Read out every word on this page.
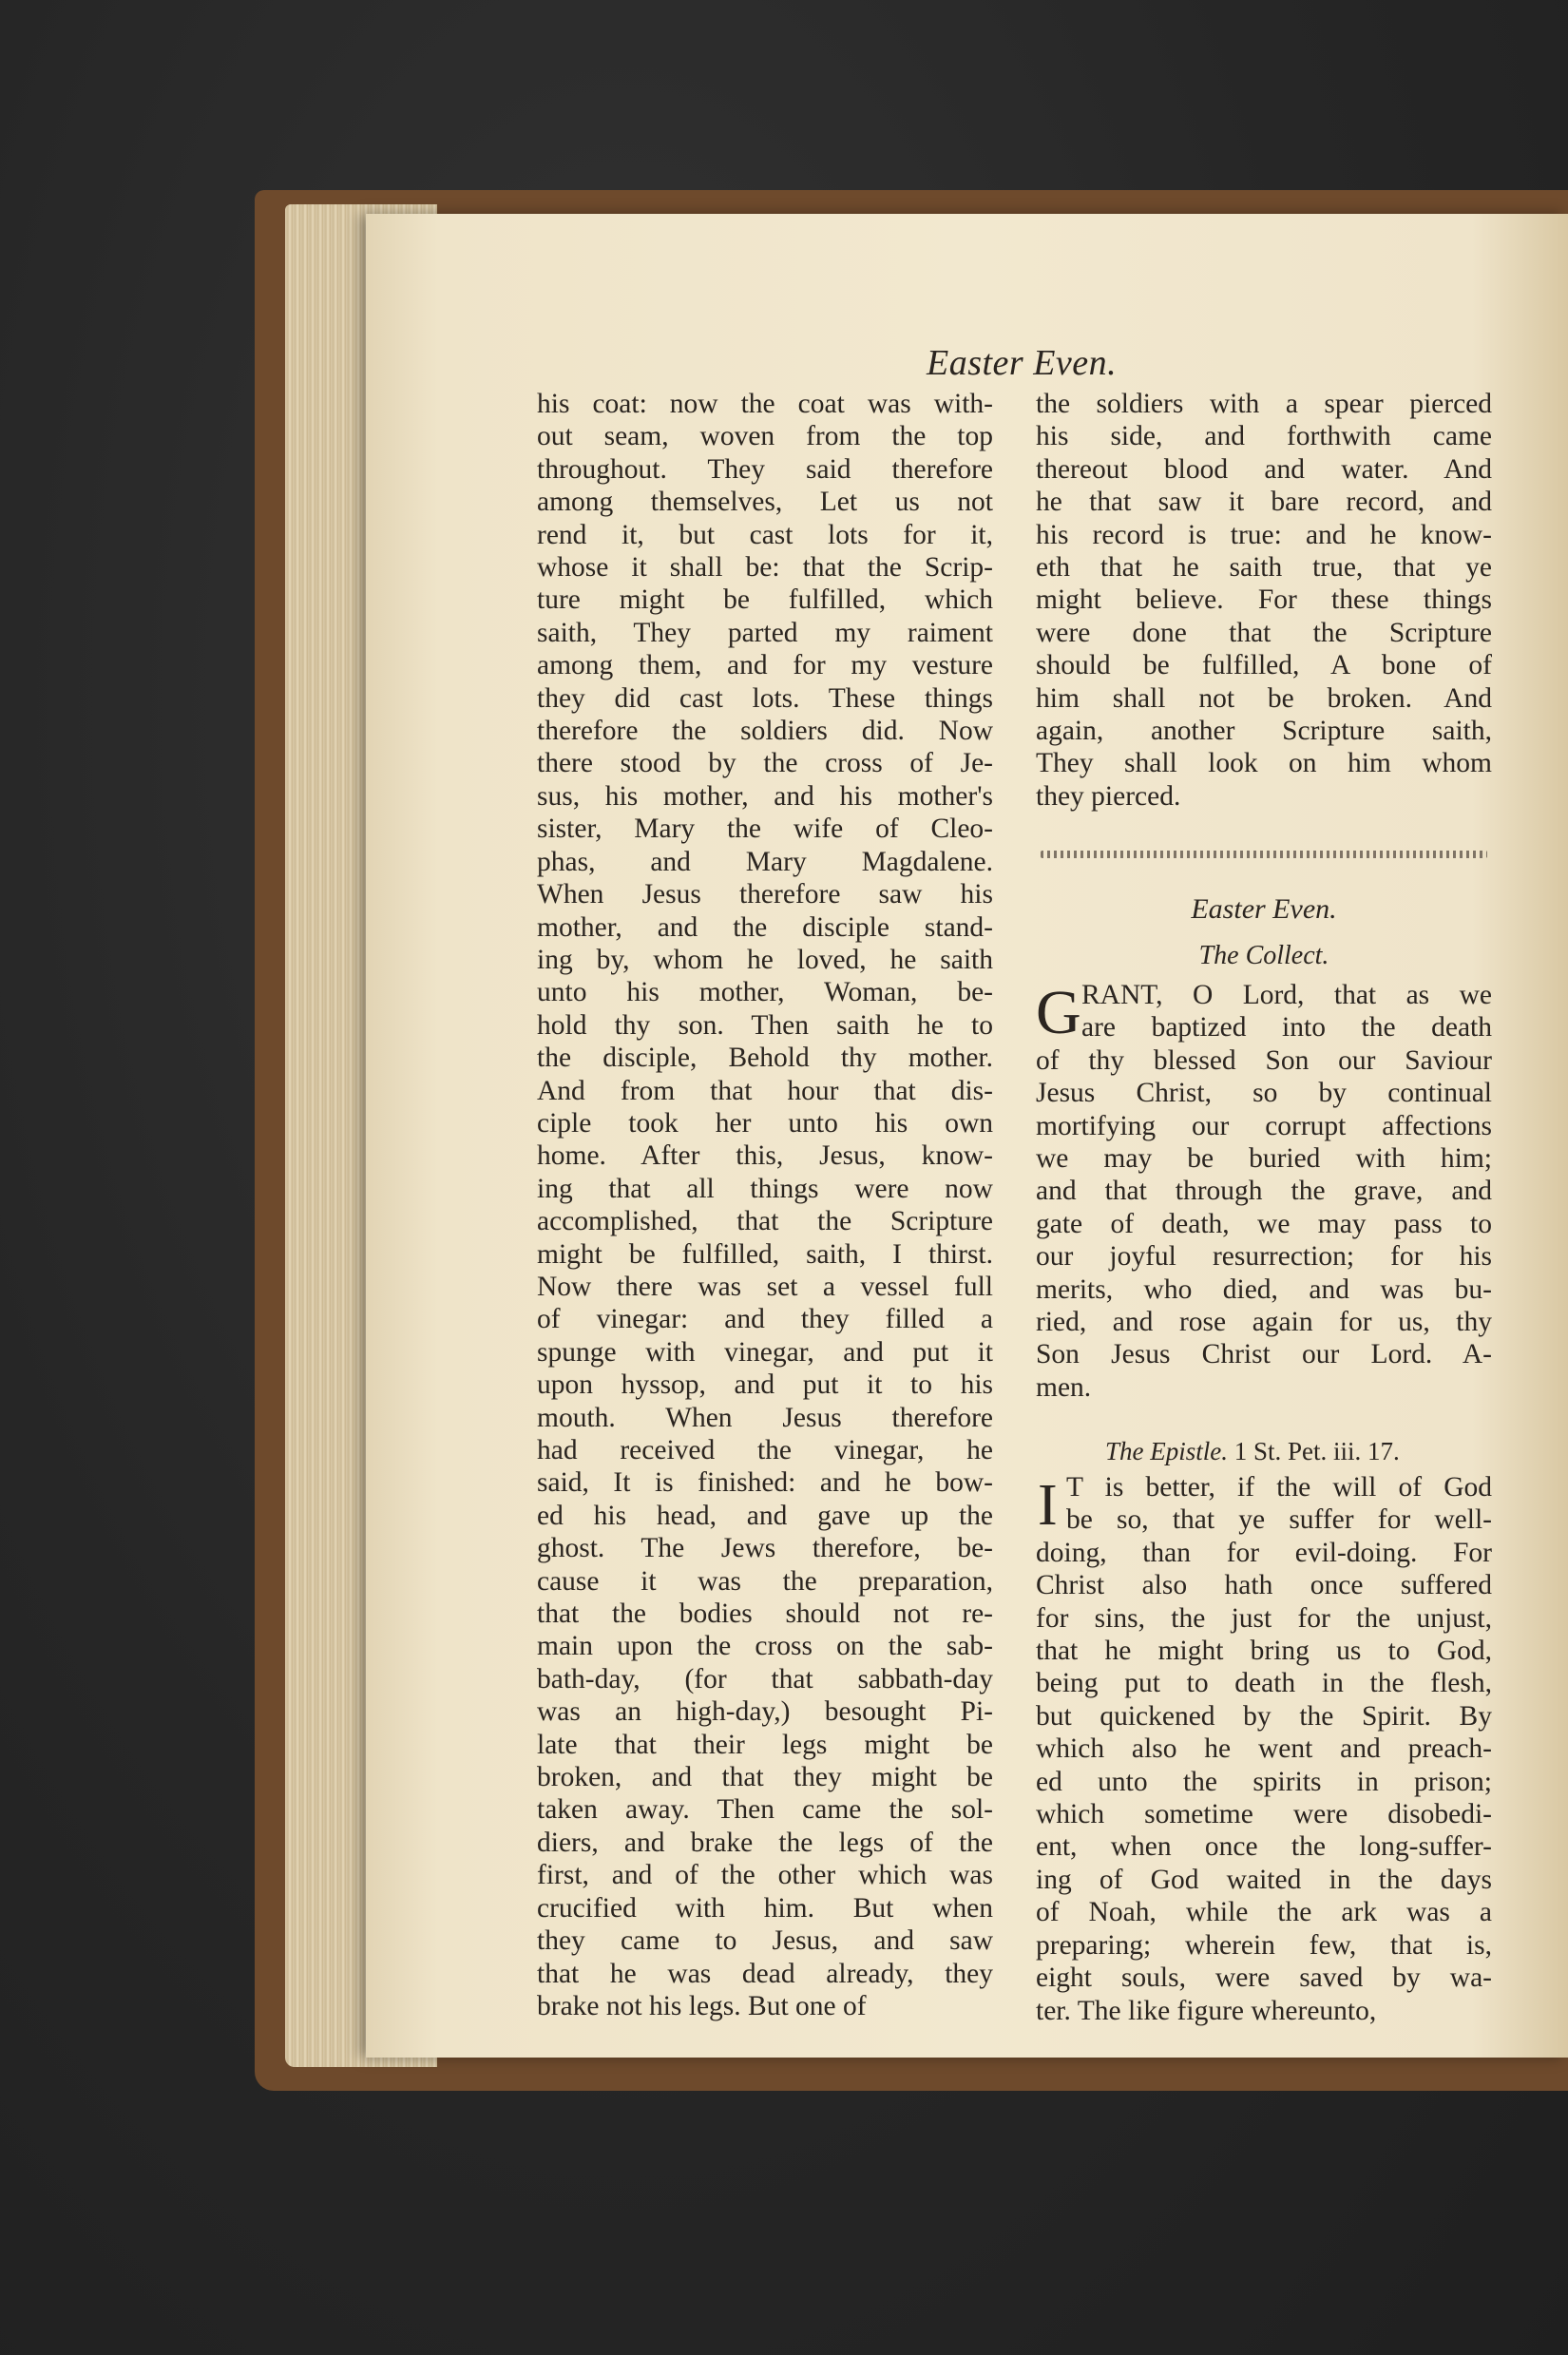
Easter Even.
his coat: now the coat was with-
out seam, woven from the top
throughout. They said therefore
among themselves, Let us not
rend it, but cast lots for it,
whose it shall be: that the Scrip-
ture might be fulfilled, which
saith, They parted my raiment
among them, and for my vesture
they did cast lots. These things
therefore the soldiers did. Now
there stood by the cross of Je-
sus, his mother, and his mother's
sister, Mary the wife of Cleo-
phas, and Mary Magdalene.
When Jesus therefore saw his
mother, and the disciple stand-
ing by, whom he loved, he saith
unto his mother, Woman, be-
hold thy son. Then saith he to
the disciple, Behold thy mother.
And from that hour that dis-
ciple took her unto his own
home. After this, Jesus, know-
ing that all things were now
accomplished, that the Scripture
might be fulfilled, saith, I thirst.
Now there was set a vessel full
of vinegar: and they filled a
spunge with vinegar, and put it
upon hyssop, and put it to his
mouth. When Jesus therefore
had received the vinegar, he
said, It is finished: and he bow-
ed his head, and gave up the
ghost. The Jews therefore, be-
cause it was the preparation,
that the bodies should not re-
main upon the cross on the sab-
bath-day, (for that sabbath-day
was an high-day,) besought Pi-
late that their legs might be
broken, and that they might be
taken away. Then came the sol-
diers, and brake the legs of the
first, and of the other which was
crucified with him. But when
they came to Jesus, and saw
that he was dead already, they
brake not his legs. But one of
the soldiers with a spear pierced
his side, and forthwith came
thereout blood and water. And
he that saw it bare record, and
his record is true: and he know-
eth that he saith true, that ye
might believe. For these things
were done that the Scripture
should be fulfilled, A bone of
him shall not be broken. And
again, another Scripture saith,
They shall look on him whom
they pierced.
Easter Even.
The Collect.
G RANT, O Lord, that as we
are baptized into the death
of thy blessed Son our Saviour
Jesus Christ, so by continual
mortifying our corrupt affections
we may be buried with him;
and that through the grave, and
gate of death, we may pass to
our joyful resurrection; for his
merits, who died, and was bu-
ried, and rose again for us, thy
Son Jesus Christ our Lord. A-
men.
The Epistle. 1 St. Pet. iii. 17.
I T is better, if the will of God
be so, that ye suffer for well-
doing, than for evil-doing. For
Christ also hath once suffered
for sins, the just for the unjust,
that he might bring us to God,
being put to death in the flesh,
but quickened by the Spirit. By
which also he went and preach-
ed unto the spirits in prison;
which sometime were disobedi-
ent, when once the long-suffer-
ing of God waited in the days
of Noah, while the ark was a
preparing; wherein few, that is,
eight souls, were saved by wa-
ter. The like figure whereunto,
